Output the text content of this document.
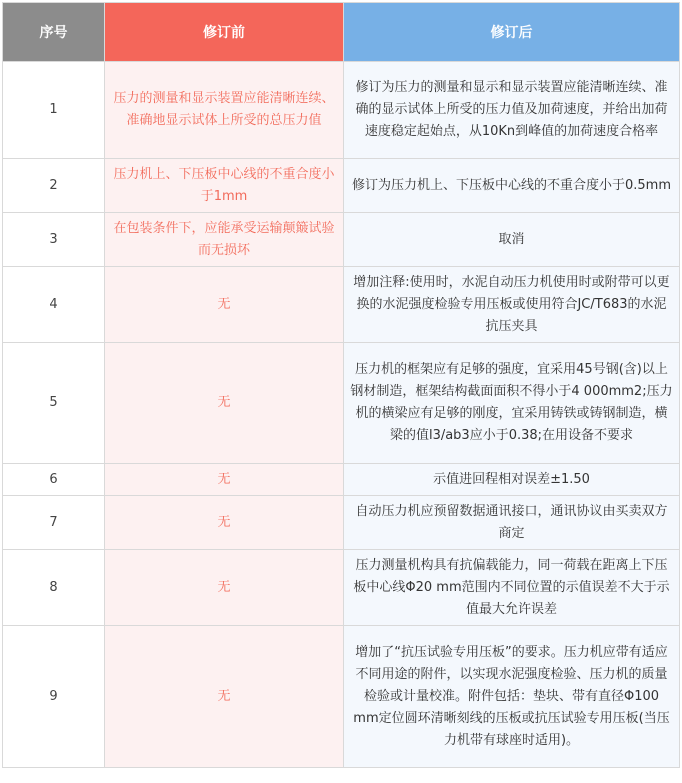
序号	修订前	修订后
1	压力的测量和显示装置应能清晰连续、准确地显示试体上所受的总压力值	修订为压力的测量和显示和显示装置应能清晰连续、准确的显示试体上所受的压力值及加荷速度，并给出加荷速度稳定起始点，从10Kn到峰值的加荷速度合格率
2	压力机上、下压板中心线的不重合度小于1mm	修订为压力机上、下压板中心线的不重合度小于0.5mm
3	在包装条件下，应能承受运输颠簸试验而无损坏	取消
4	无	增加注释:使用时，水泥自动压力机使用时或附带可以更换的水泥强度检验专用压板或使用符合JC/T683的水泥抗压夹具
5	无	压力机的框架应有足够的强度，宜采用45号钢(含)以上钢材制造，框架结构截面面积不得小于4 000mm2;压力机的横梁应有足够的刚度，宜采用铸铁或铸钢制造，横梁的值l3/ab3应小于0.38;在用设备不要求
6	无	示值进回程相对误差±1.50
7	无	自动压力机应预留数据通讯接口，通讯协议由买卖双方商定
8	无	压力测量机构具有抗偏载能力，同一荷载在距离上下压板中心线Φ20 mm范围内不同位置的示值误差不大于示值最大允许误差
9	无	增加了“抗压试验专用压板”的要求。压力机应带有适应不同用途的附件，以实现水泥强度检验、压力机的质量检验或计量校准。附件包括：垫块、带有直径Φ100 mm定位圆环清晰刻线的压板或抗压试验专用压板(当压力机带有球座时适用)。
